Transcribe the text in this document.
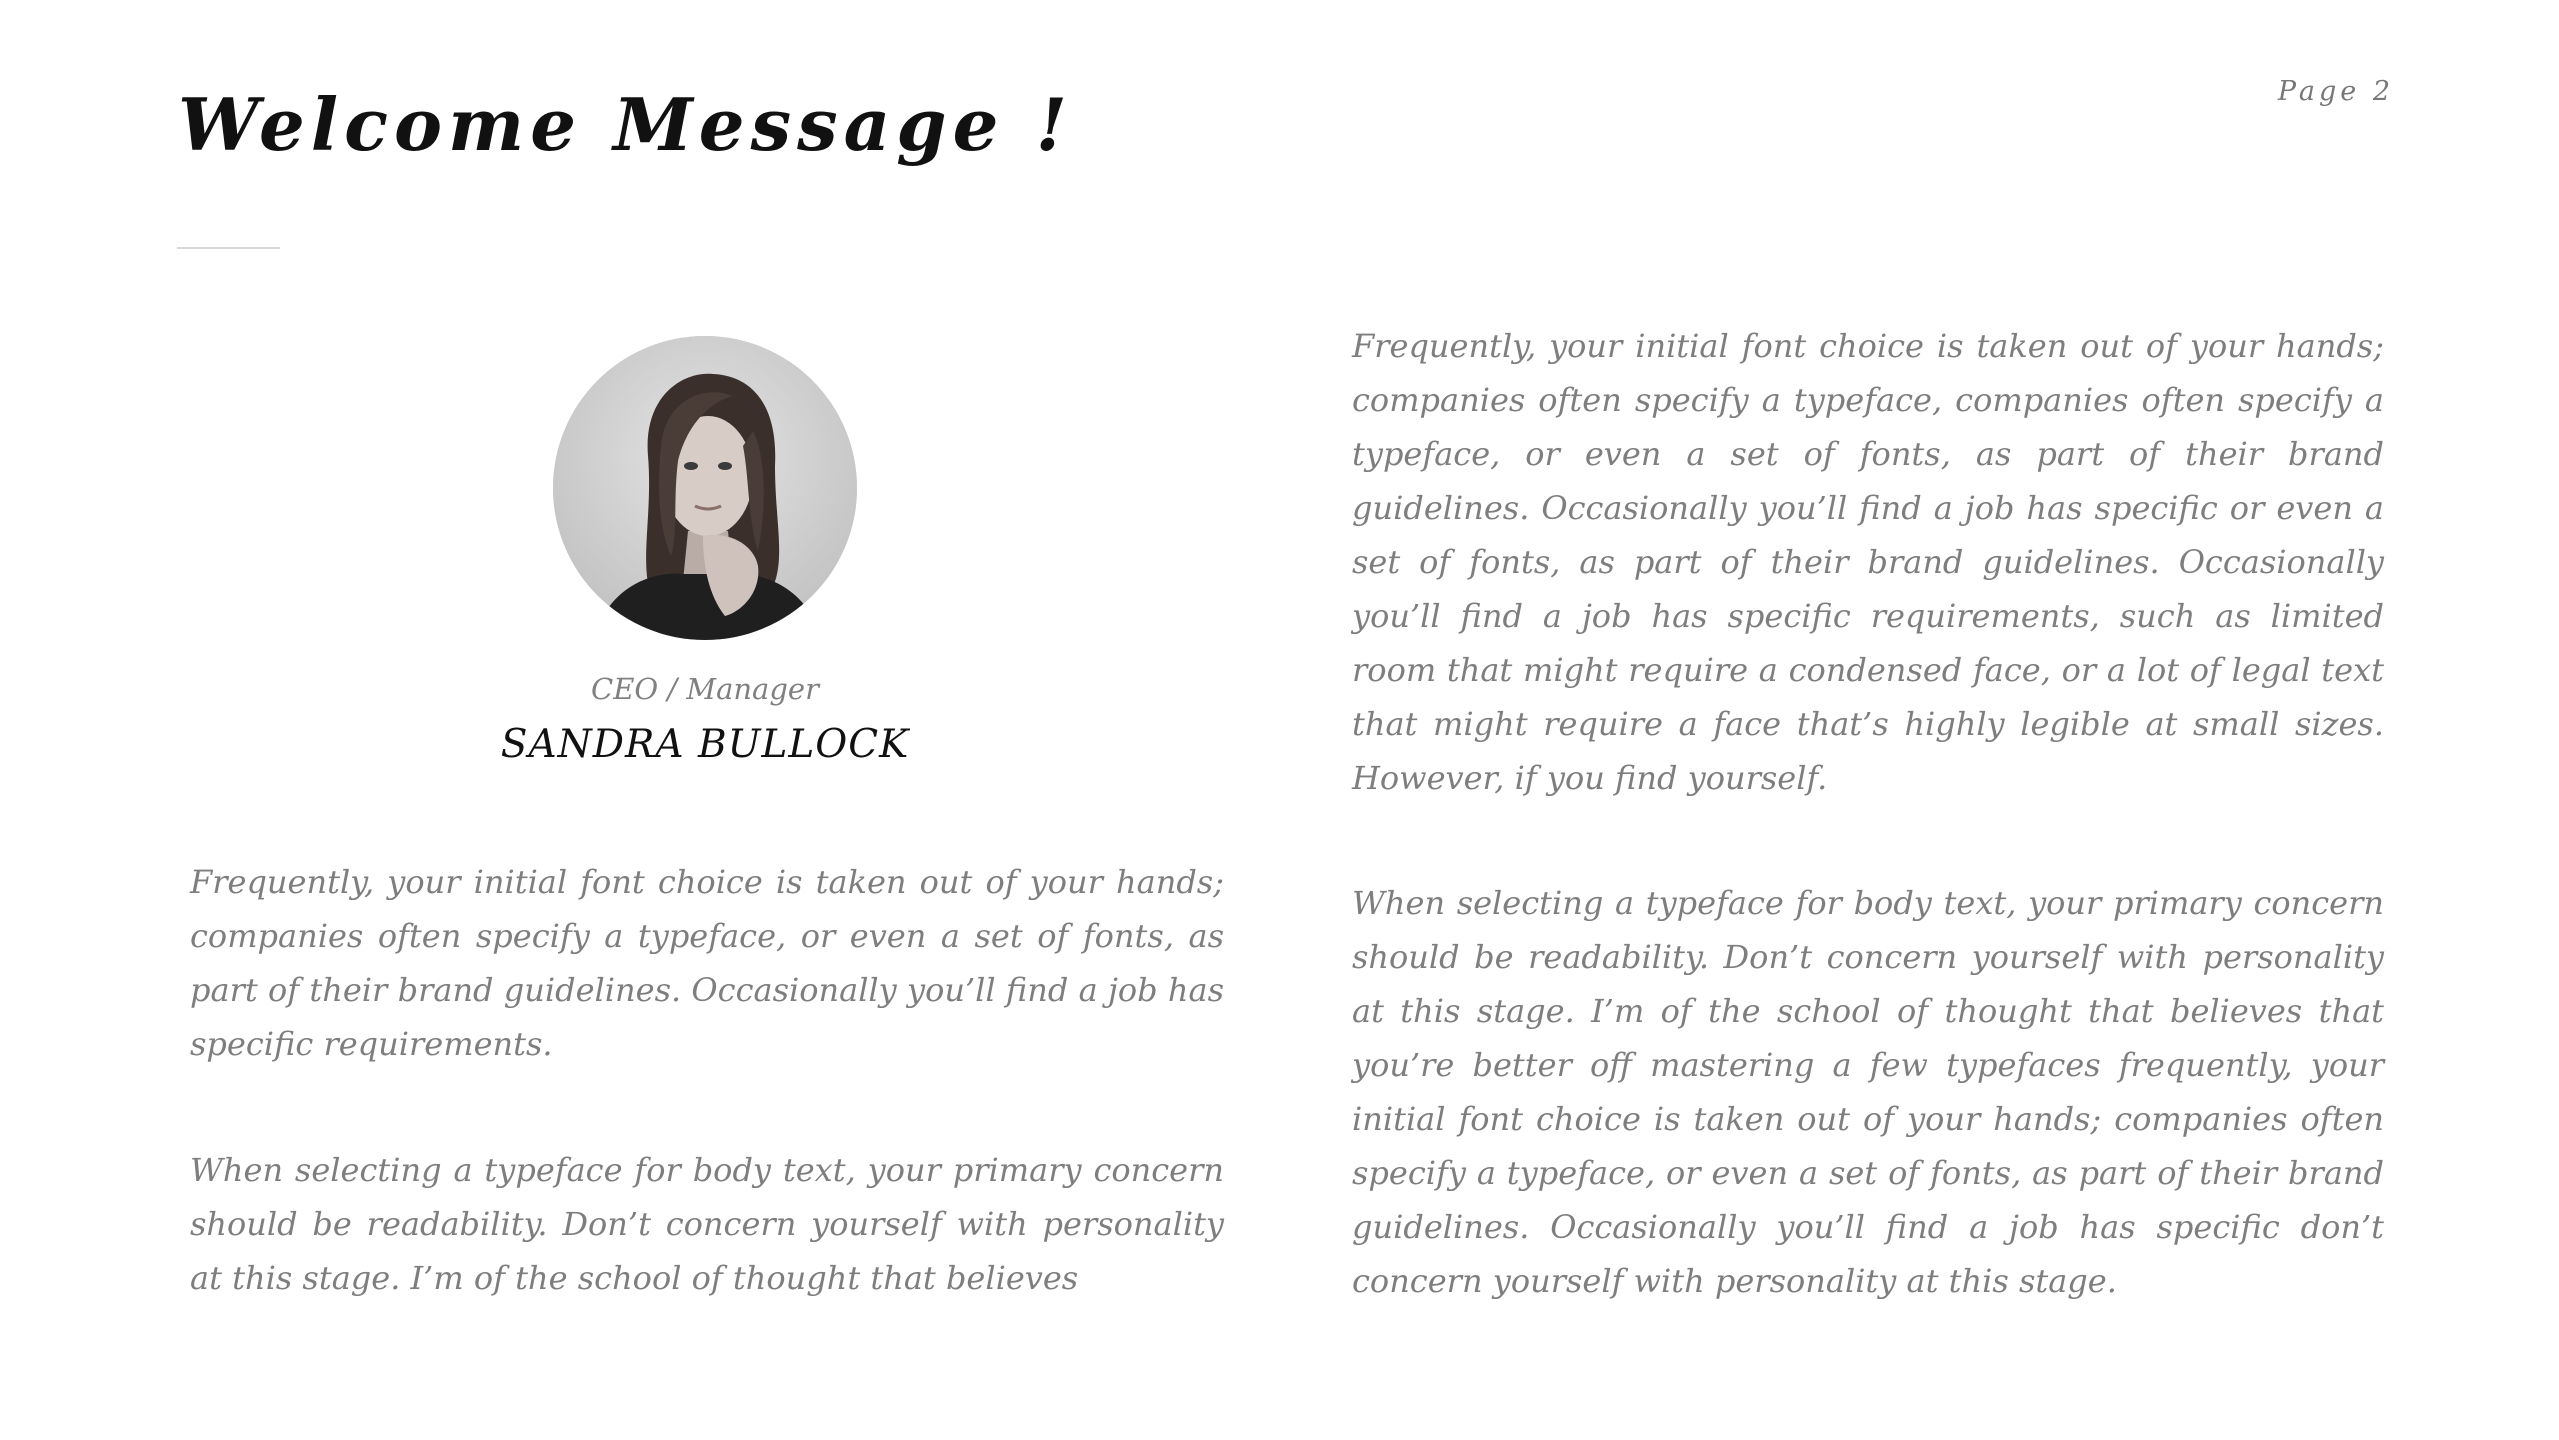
Welcome Message !	Page 2
CEO / Manager
SANDRA BULLOCK

Frequently, your initial font choice is taken out of your hands; companies often specify a typeface, or even a set of fonts, as part of their brand guidelines. Occasionally you’ll find a job has specific requirements.

When selecting a typeface for body text, your primary concern should be readability. Don’t concern yourself with personality at this stage. I’m of the school of thought that believes

Frequently, your initial font choice is taken out of your hands; companies often specify a typeface, companies often specify a typeface, or even a set of fonts, as part of their brand guidelines. Occasionally you’ll find a job has specific or even a set of fonts, as part of their brand guidelines. Occasionally you’ll find a job has specific requirements, such as limited room that might require a condensed face, or a lot of legal text that might require a face that’s highly legible at small sizes. However, if you find yourself.

When selecting a typeface for body text, your primary concern should be readability. Don’t concern yourself with personality at this stage. I’m of the school of thought that believes that you’re better off mastering a few typefaces frequently, your initial font choice is taken out of your hands; companies often specify a typeface, or even a set of fonts, as part of their brand guidelines. Occasionally you’ll find a job has specific don’t concern yourself with personality at this stage.
